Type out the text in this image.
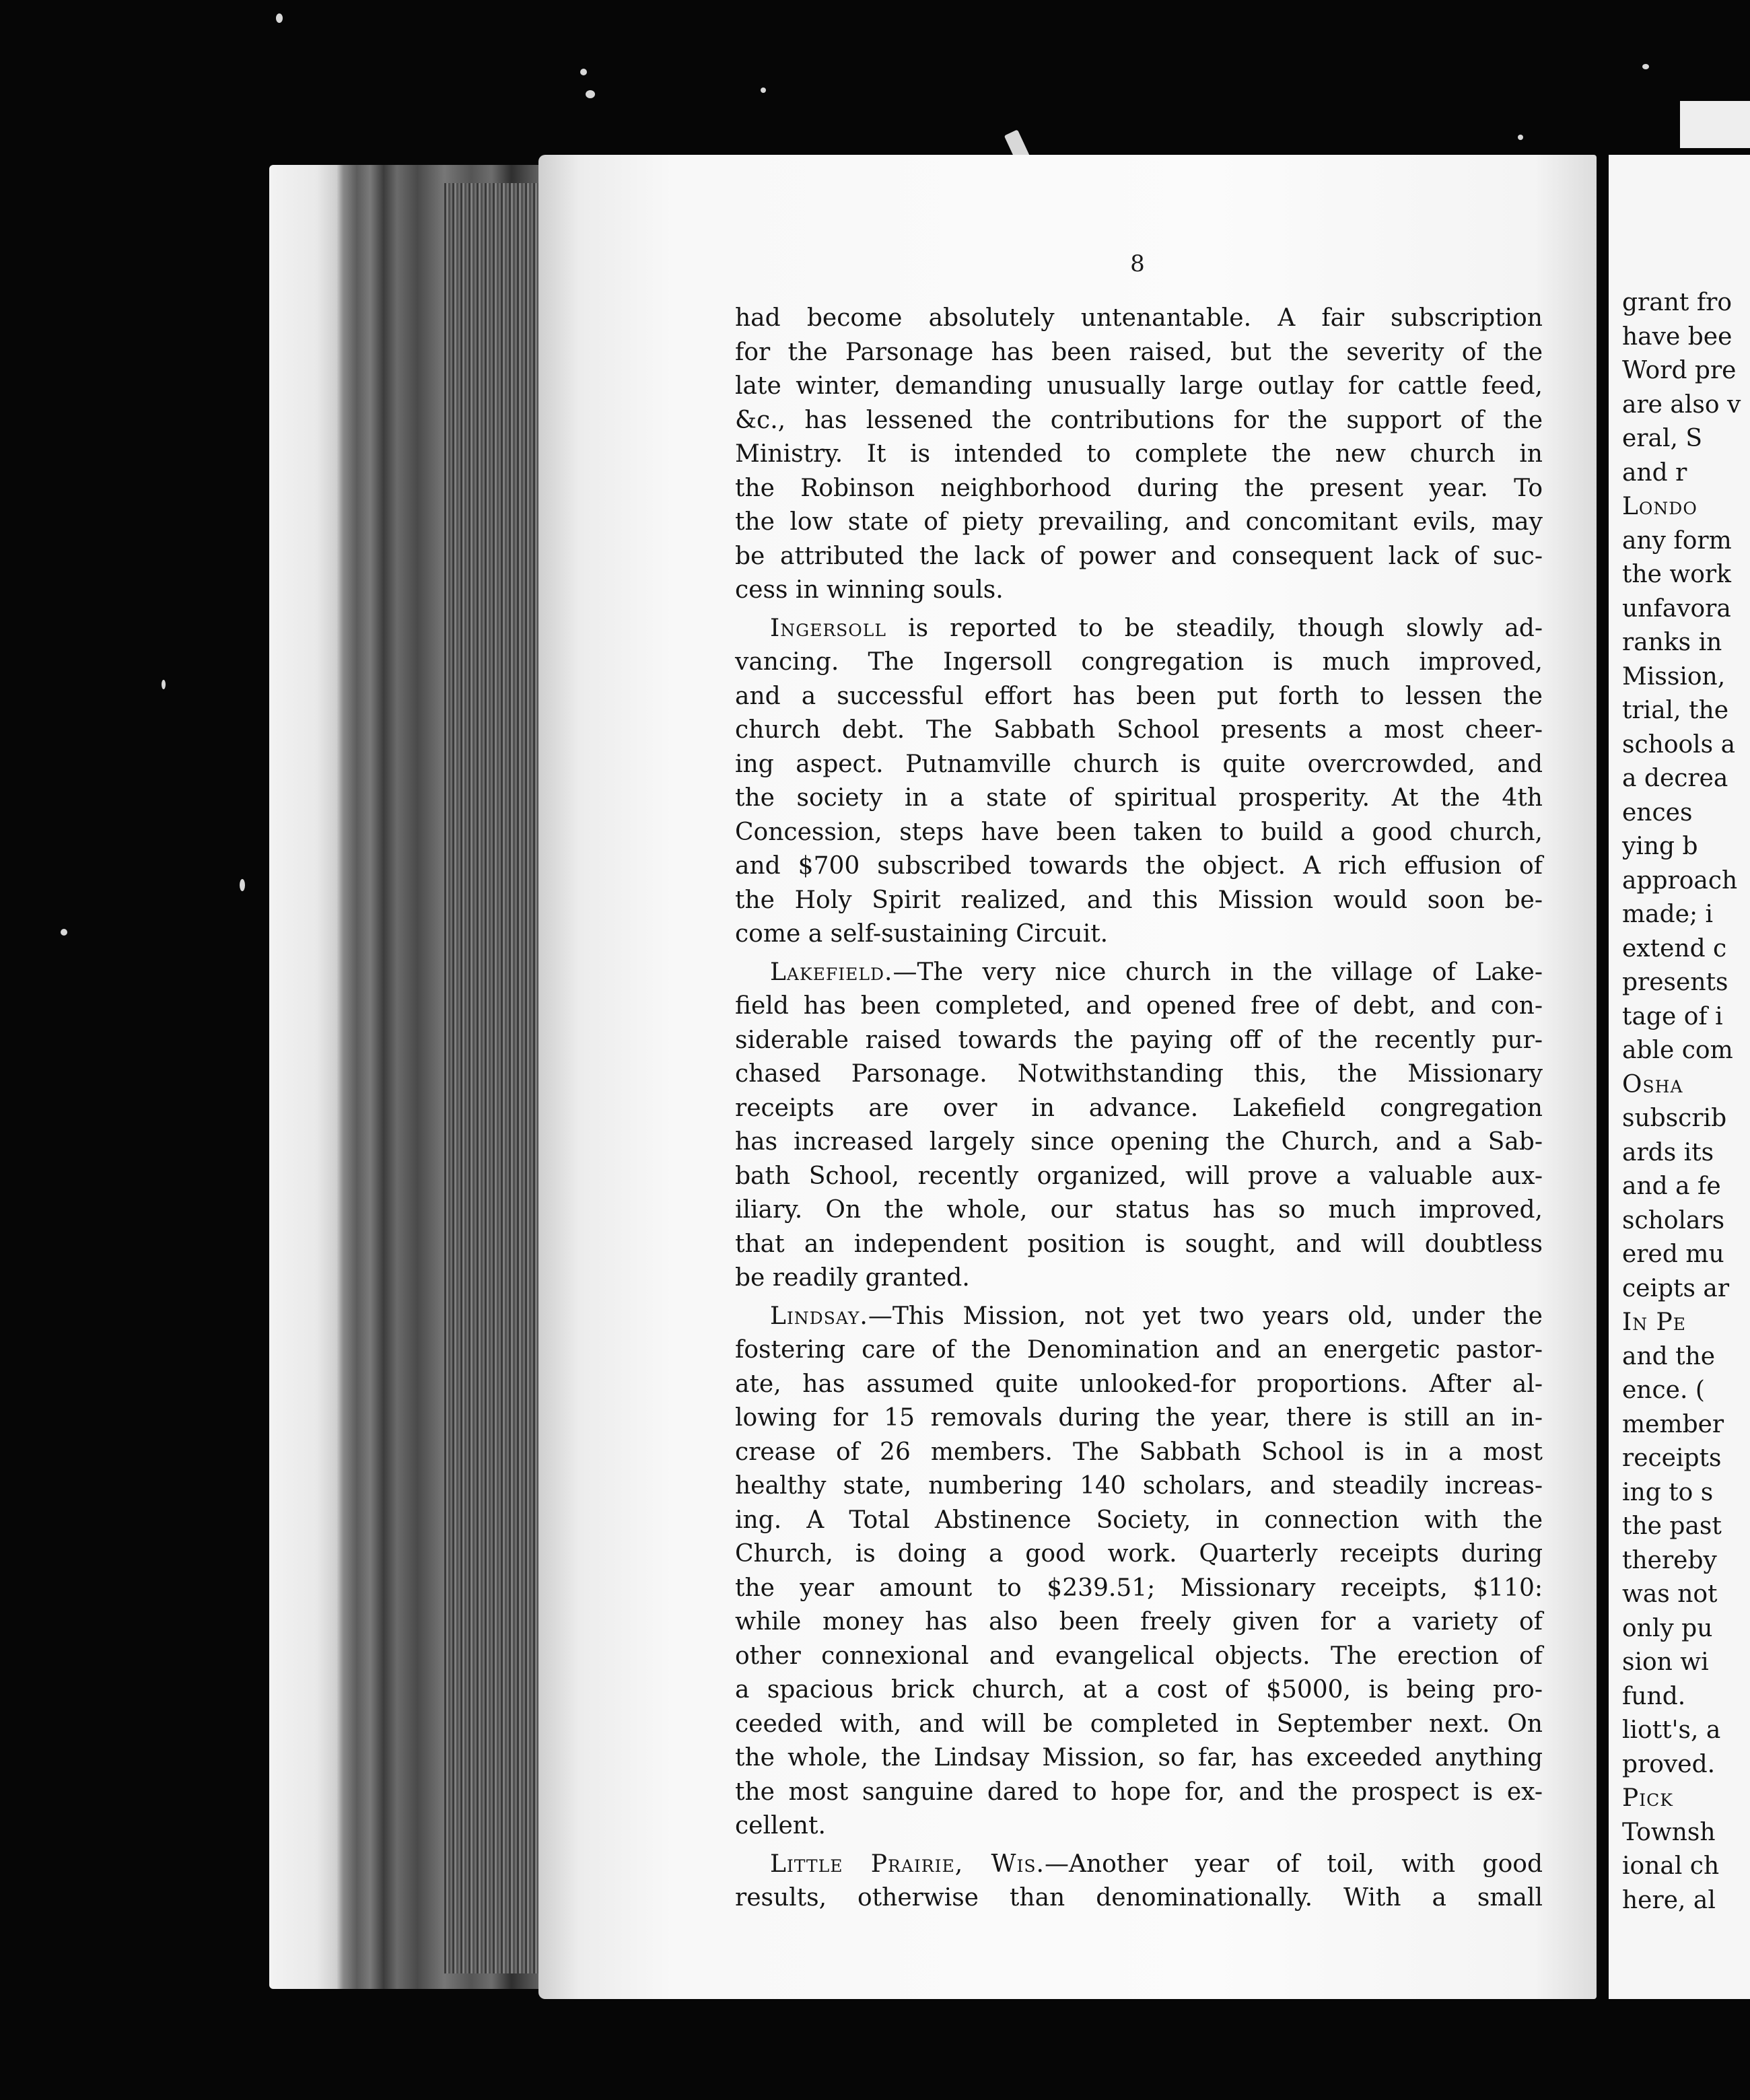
grant fro
have bee
Word pre
are also v
eral, S
and r
Londo
any form
the work
unfavora
ranks in
Mission,
trial, the
schools a
a decrea
ences
ying b
approach
made; i
extend c
presents
tage of i
able com
Osha
subscrib
ards its
and a fe
scholars
ered mu
ceipts ar
In Pe
and the
ence. (
member
receipts
ing to s
the past
thereby
was not
only pu
sion wi
fund.
liott's, a
proved.
Pick
Townsh
ional ch
here, al
8
had become absolutely untenantable. A fair subscription
for the Parsonage has been raised, but the severity of the
late winter, demanding unusually large outlay for cattle feed,
&c., has lessened the contributions for the support of the
Ministry. It is intended to complete the new church in
the Robinson neighborhood during the present year. To
the low state of piety prevailing, and concomitant evils, may
be attributed the lack of power and consequent lack of suc-
cess in winning souls.
Ingersoll is reported to be steadily, though slowly ad-
vancing. The Ingersoll congregation is much improved,
and a successful effort has been put forth to lessen the
church debt. The Sabbath School presents a most cheer-
ing aspect. Putnamville church is quite overcrowded, and
the society in a state of spiritual prosperity. At the 4th
Concession, steps have been taken to build a good church,
and $700 subscribed towards the object. A rich effusion of
the Holy Spirit realized, and this Mission would soon be-
come a self-sustaining Circuit.
Lakefield.—The very nice church in the village of Lake-
field has been completed, and opened free of debt, and con-
siderable raised towards the paying off of the recently pur-
chased Parsonage. Notwithstanding this, the Missionary
receipts are over in advance. Lakefield congregation
has increased largely since opening the Church, and a Sab-
bath School, recently organized, will prove a valuable aux-
iliary. On the whole, our status has so much improved,
that an independent position is sought, and will doubtless
be readily granted.
Lindsay.—This Mission, not yet two years old, under the
fostering care of the Denomination and an energetic pastor-
ate, has assumed quite unlooked-for proportions. After al-
lowing for 15 removals during the year, there is still an in-
crease of 26 members. The Sabbath School is in a most
healthy state, numbering 140 scholars, and steadily increas-
ing. A Total Abstinence Society, in connection with the
Church, is doing a good work. Quarterly receipts during
the year amount to $239.51; Missionary receipts, $110:
while money has also been freely given for a variety of
other connexional and evangelical objects. The erection of
a spacious brick church, at a cost of $5000, is being pro-
ceeded with, and will be completed in September next. On
the whole, the Lindsay Mission, so far, has exceeded anything
the most sanguine dared to hope for, and the prospect is ex-
cellent.
Little Prairie, Wis.—Another year of toil, with good
results, otherwise than denominationally. With a small
